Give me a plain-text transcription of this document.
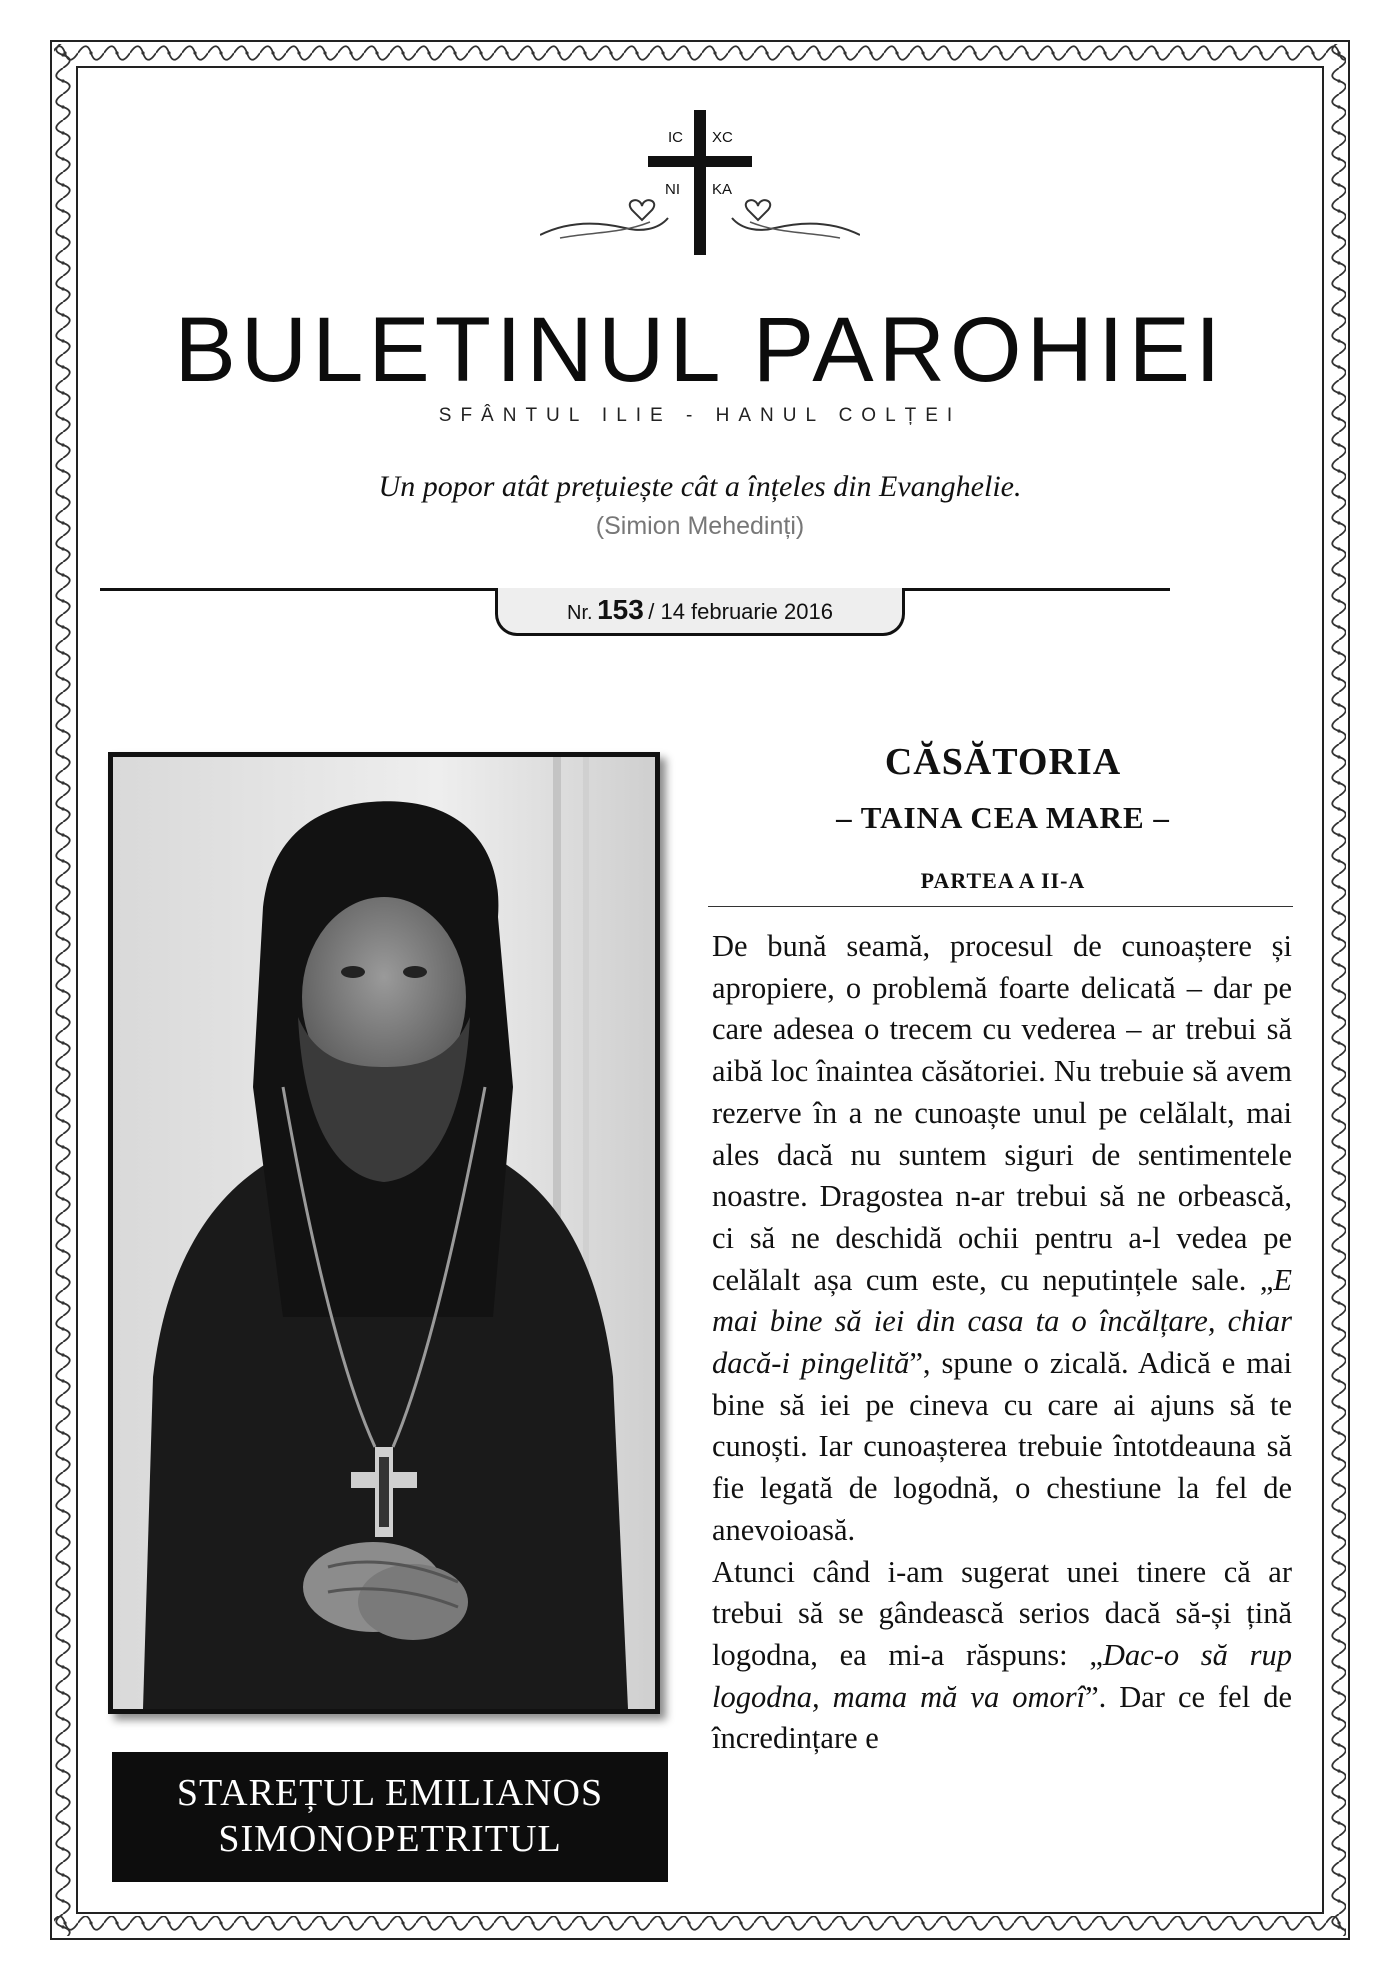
IC XC
NI KA
BULETINUL PAROHIEI
SFÂNTUL ILIE - HANUL COLȚEI
Un popor atât prețuiește cât a înțeles din Evanghelie.
(Simion Mehedinți)
Nr. 153 / 14 februarie 2016
STAREȚUL EMILIANOS
SIMONOPETRITUL
CĂSĂTORIA
– TAINA CEA MARE –
PARTEA A II-A

De bună seamă, procesul de cunoaștere și apropiere, o problemă foarte delicată – dar pe care adesea o trecem cu vederea – ar trebui să aibă loc înaintea căsătoriei. Nu trebuie să avem rezerve în a ne cunoaște unul pe celălalt, mai ales dacă nu suntem siguri de sentimentele noastre. Dragostea n-ar trebui să ne orbească, ci să ne deschidă ochii pentru a-l vedea pe celălalt așa cum este, cu neputințele sale. „E mai bine să iei din casa ta o încălțare, chiar dacă-i pingelită”, spune o zicală. Adică e mai bine să iei pe cineva cu care ai ajuns să te cunoști. Iar cunoașterea trebuie întotdeauna să fie legată de logodnă, o chestiune la fel de anevoioasă.

Atunci când i-am sugerat unei tinere că ar trebui să se gândească serios dacă să-și țină logodna, ea mi-a răspuns: „Dac-o să rup logodna, mama mă va omorî”. Dar ce fel de încredințare e
